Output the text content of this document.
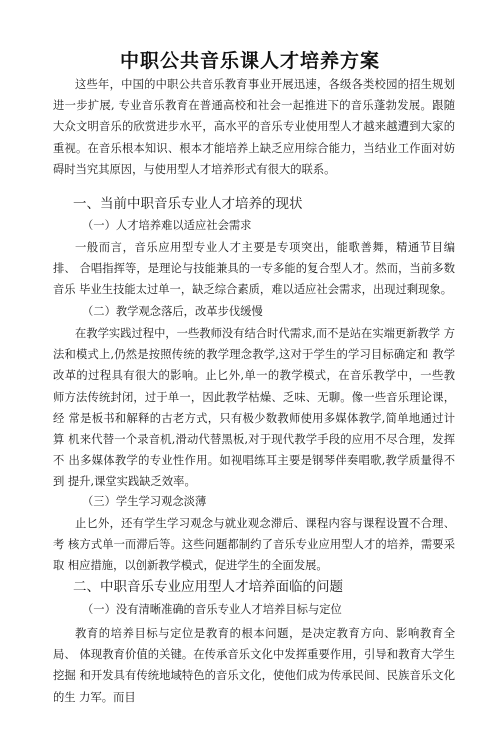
中职公共音乐课人才培养方案

这些年，中国的中职公共音乐教育事业开展迅速，各级各类校园的招生规划 进一步扩展, 专业音乐教育在普通高校和社会一起推进下的音乐蓬勃发展。跟随 大众文明音乐的欣赏进步水平，高水平的音乐专业使用型人才越来越遭到大家的 重视。在音乐根本知识、根本才能培养上缺乏应用综合能力，当结业工作面对妨 碍时当究其原因，与使用型人才培养形式有很大的联系。

一、当前中职音乐专业人才培养的现状
（一）人才培养难以适应社会需求

一般而言，音乐应用型专业人才主要是专项突出，能歌善舞，精通节目编排、 合唱指挥等，是理论与技能兼具的一专多能的复合型人才。然而，当前多数音乐 毕业生技能太过单一，缺乏综合素质，难以适应社会需求，出现过剩现象。

（二）教学观念落后，改革步伐缓慢

在教学实践过程中，一些教师没有结合时代需求,而不是站在实端更新教学 方法和模式上,仍然是按照传统的教学理念教学,这对于学生的学习目标确定和 教学改革的过程具有很大的影响。止匕外,单一的教学模式，在音乐教学中，一些教 师方法传统封闭，过于单一，因此教学枯燥、乏味、无聊。像一些音乐理论课，经 常是板书和解释的古老方式，只有极少数教师使用多媒体教学,简单地通过计算 机来代替一个录音机,滑动代替黑板,对于现代教学手段的应用不尽合理，发挥不 出多媒体教学的专业性作用。如视唱练耳主要是钢琴伴奏唱歌,教学质量得不到 提升,课堂实践缺乏效率。

（三）学生学习观念淡薄

止匕外，还有学生学习观念与就业观念滞后、课程内容与课程设置不合理、考 核方式单一而滞后等。这些问题都制约了音乐专业应用型人才的培养，需要采取 相应措施，以创新教学模式，促进学生的全面发展。

二、中职音乐专业应用型人才培养面临的问题
（一）没有清晰准确的音乐专业人才培养目标与定位

教育的培养目标与定位是教育的根本问题，是决定教育方向、影响教育全局、 体现教育价值的关键。在传承音乐文化中发挥重要作用，引导和教育大学生挖掘 和开发具有传统地域特色的音乐文化，使他们成为传承民间、民族音乐文化的生 力军。而目
